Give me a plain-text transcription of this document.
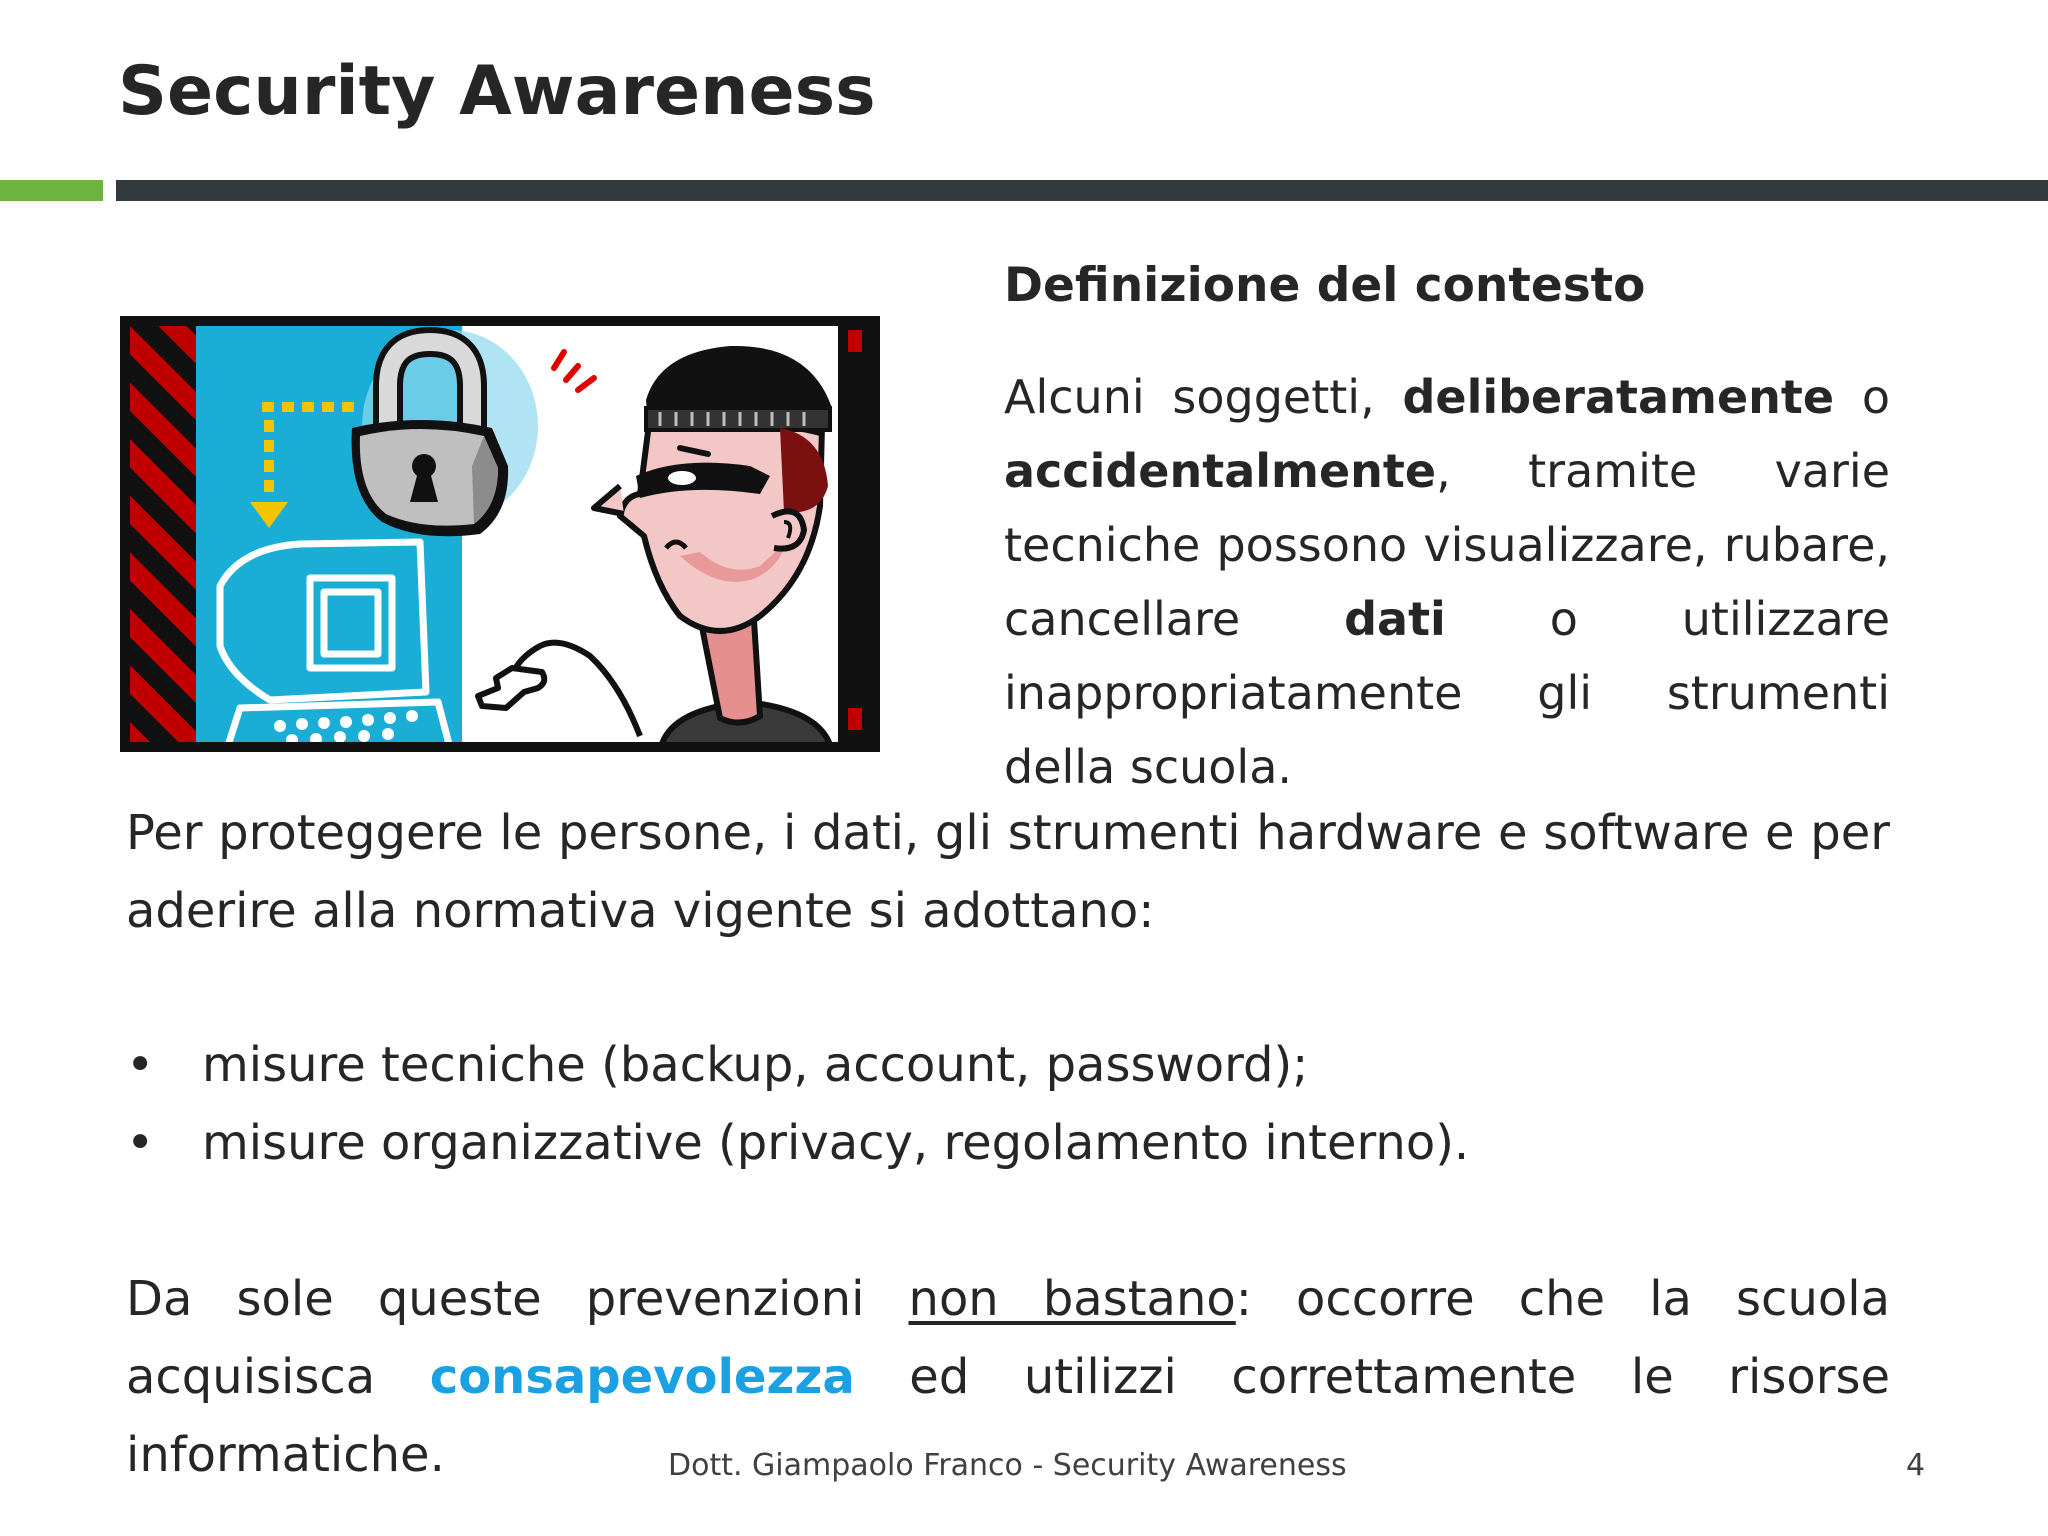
Security Awareness
Definizione del contesto
Alcuni soggetti, deliberatamente o accidentalmente, tramite varie tecniche possono visualizzare, rubare, cancellare dati o utilizzare inappropriatamente gli strumenti della scuola.
Per proteggere le persone, i dati, gli strumenti hardware e software e per aderire alla normativa vigente si adottano:
• misure tecniche (backup, account, password);
• misure organizzative (privacy, regolamento interno).
Da sole queste prevenzioni non bastano: occorre che la scuola acquisisca consapevolezza ed utilizzi correttamente le risorse informatiche.	Dott. Giampaolo Franco - Security Awareness	4
